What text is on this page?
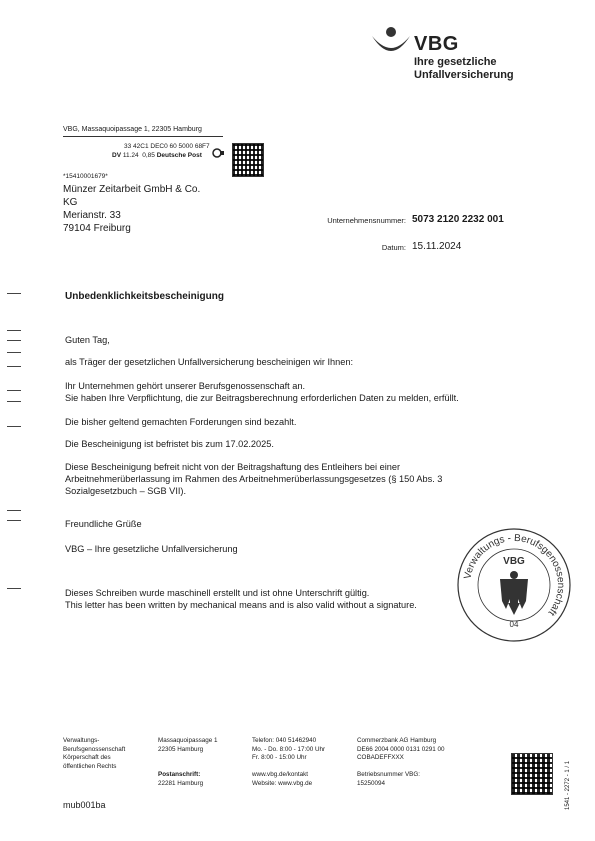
VBG
Ihre gesetzliche
Unfallversicherung
VBG, Massaquoipassage 1, 22305 Hamburg
33 42C1 DEC0 60 5000 68F7
DV 11.24 0,85 Deutsche Post
*15410001679*
Münzer Zeitarbeit GmbH & Co.
KG
Merianstr. 33
79104 Freiburg
Unternehmensnummer: 5073 2120 2232 001
Datum: 15.11.2024
Unbedenklichkeitsbescheinigung
Guten Tag,
als Träger der gesetzlichen Unfallversicherung bescheinigen wir Ihnen:
Ihr Unternehmen gehört unserer Berufsgenossenschaft an.
Sie haben Ihre Verpflichtung, die zur Beitragsberechnung erforderlichen Daten zu melden, erfüllt.
Die bisher geltend gemachten Forderungen sind bezahlt.
Die Bescheinigung ist befristet bis zum 17.02.2025.
Diese Bescheinigung befreit nicht von der Beitragshaftung des Entleihers bei einer
Arbeitnehmerüberlassung im Rahmen des Arbeitnehmerüberlassungsgesetzes (§ 150 Abs. 3
Sozialgesetzbuch – SGB VII).
Freundliche Grüße
VBG – Ihre gesetzliche Unfallversicherung
Dieses Schreiben wurde maschinell erstellt und ist ohne Unterschrift gültig.
This letter has been written by mechanical means and is also valid without a signature.
Verwaltungs - Berufsgenossenschaft
VBG
04
Verwaltungs-
Berufsgenossenschaft
Körperschaft des
öffentlichen Rechts
Massaquoipassage 1
22305 Hamburg
Postanschrift:
22281 Hamburg
Telefon: 040 51462940
Mo. - Do. 8:00 - 17:00 Uhr
Fr. 8:00 - 15:00 Uhr
www.vbg.de/kontakt
Website: www.vbg.de
Commerzbank AG Hamburg
DE66 2004 0000 0131 0291 00
COBADEFFXXX
Betriebsnummer VBG:
15250094	1541 - 2272 - 1 / 1
mub001ba
